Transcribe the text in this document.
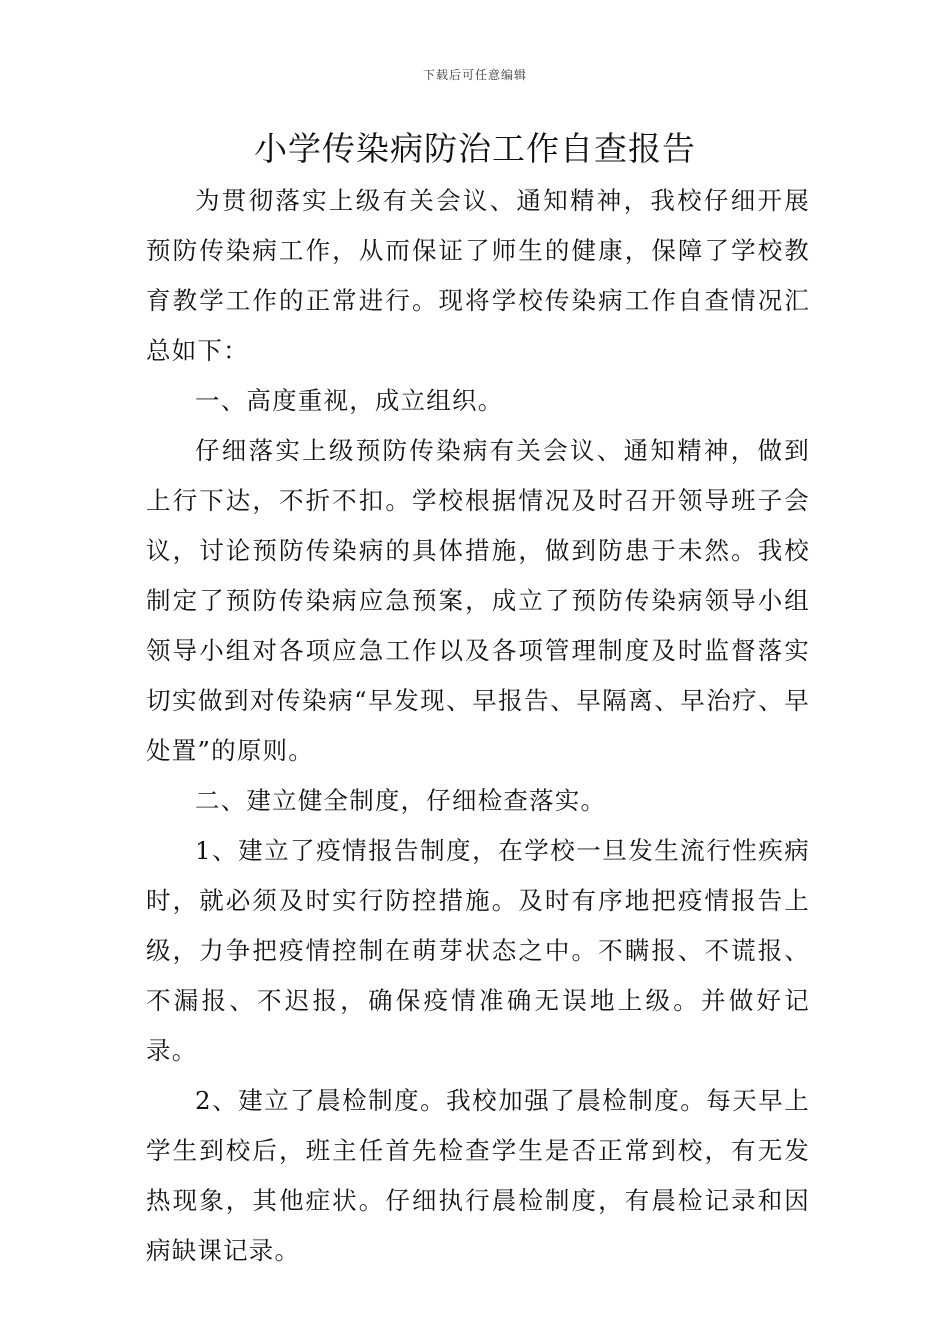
下载后可任意编辑
小学传染病防治工作自查报告

为贯彻落实上级有关会议、通知精神，我校仔细开展预防传染病工作，从而保证了师生的健康，保障了学校教育教学工作的正常进行。现将学校传染病工作自查情况汇总如下：

一、高度重视，成立组织。

仔细落实上级预防传染病有关会议、通知精神，做到上行下达，不折不扣。学校根据情况及时召开领导班子会议，讨论预防传染病的具体措施，做到防患于未然。我校制定了预防传染病应急预案，成立了预防传染病领导小组领导小组对各项应急工作以及各项管理制度及时监督落实切实做到对传染病“早发现、早报告、早隔离、早治疗、早处置”的原则。

二、建立健全制度，仔细检查落实。

1、建立了疫情报告制度，在学校一旦发生流行性疾病时，就必须及时实行防控措施。及时有序地把疫情报告上级，力争把疫情控制在萌芽状态之中。不瞒报、不谎报、不漏报、不迟报，确保疫情准确无误地上级。并做好记录。

2、建立了晨检制度。我校加强了晨检制度。每天早上学生到校后，班主任首先检查学生是否正常到校，有无发热现象，其他症状。仔细执行晨检制度，有晨检记录和因病缺课记录。
